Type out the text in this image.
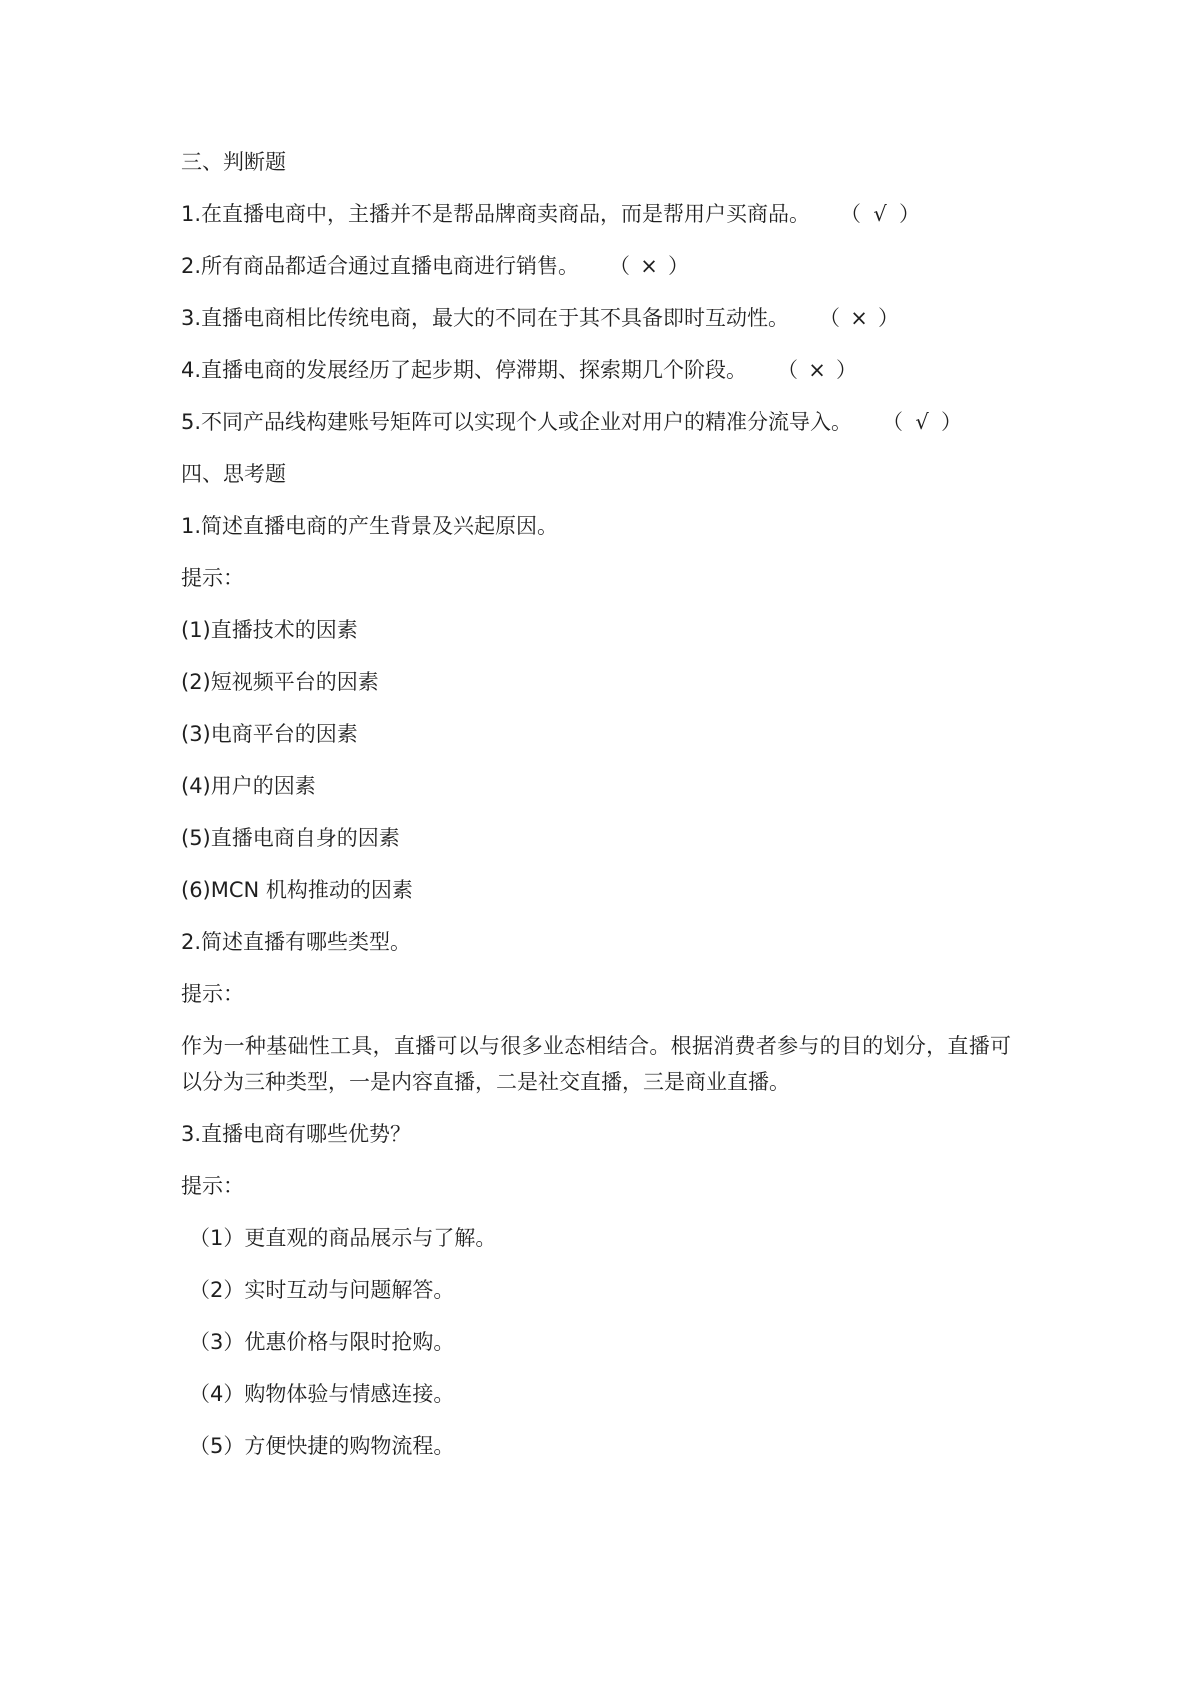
三、判断题

1.在直播电商中，主播并不是帮品牌商卖商品，而是帮用户买商品。 （ √ ）

2.所有商品都适合通过直播电商进行销售。 （ × ）

3.直播电商相比传统电商，最大的不同在于其不具备即时互动性。 （ × ）

4.直播电商的发展经历了起步期、停滞期、探索期几个阶段。 （ × ）

5.不同产品线构建账号矩阵可以实现个人或企业对用户的精准分流导入。 （ √ ）

四、思考题

1.简述直播电商的产生背景及兴起原因。

提示：

(1)直播技术的因素

(2)短视频平台的因素

(3)电商平台的因素

(4)用户的因素

(5)直播电商自身的因素

(6)MCN 机构推动的因素

2.简述直播有哪些类型。

提示：

作为一种基础性工具，直播可以与很多业态相结合。根据消费者参与的目的划分，直播可以分为三种类型，一是内容直播，二是社交直播，三是商业直播。

3.直播电商有哪些优势？

提示：

（1）更直观的商品展示与了解。

（2）实时互动与问题解答。

（3）优惠价格与限时抢购。

（4）购物体验与情感连接。

（5）方便快捷的购物流程。
